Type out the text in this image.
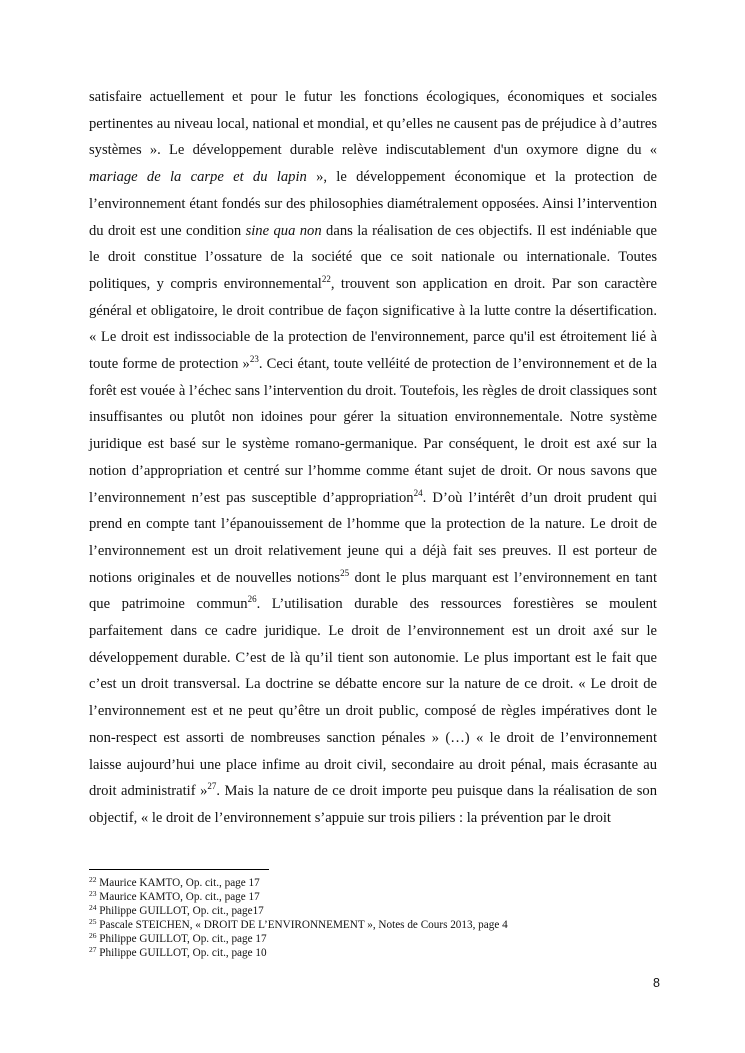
satisfaire actuellement et pour le futur les fonctions écologiques, économiques et sociales pertinentes au niveau local, national et mondial, et qu’elles ne causent pas de préjudice à d’autres systèmes ». Le développement durable relève indiscutablement d'un oxymore digne du « mariage de la carpe et du lapin », le développement économique et la protection de l’environnement étant fondés sur des philosophies diamétralement opposées. Ainsi l’intervention du droit est une condition sine qua non dans la réalisation de ces objectifs. Il est indéniable que le droit constitue l’ossature de la société que ce soit nationale ou internationale. Toutes politiques, y compris environnemental$^{22}$, trouvent son application en droit. Par son caractère général et obligatoire, le droit contribue de façon significative à la lutte contre la désertification. « Le droit est indissociable de la protection de l'environnement, parce qu'il est étroitement lié à toute forme de protection »$^{23}$. Ceci étant, toute velléité de protection de l’environnement et de la forêt est vouée à l’échec sans l’intervention du droit. Toutefois, les règles de droit classiques sont insuffisantes ou plutôt non idoines pour gérer la situation environnementale. Notre système juridique est basé sur le système romano-germanique. Par conséquent, le droit est axé sur la notion d’appropriation et centré sur l’homme comme étant sujet de droit. Or nous savons que l’environnement n’est pas susceptible d’appropriation$^{24}$. D’où l’intérêt d’un droit prudent qui prend en compte tant l’épanouissement de l’homme que la protection de la nature. Le droit de l’environnement est un droit relativement jeune qui a déjà fait ses preuves. Il est porteur de notions originales et de nouvelles notions$^{25}$ dont le plus marquant est l’environnement en tant que patrimoine commun$^{26}$. L’utilisation durable des ressources forestières se moulent parfaitement dans ce cadre juridique. Le droit de l’environnement est un droit axé sur le développement durable. C’est de là qu’il tient son autonomie. Le plus important est le fait que c’est un droit transversal. La doctrine se débatte encore sur la nature de ce droit. « Le droit de l’environnement est et ne peut qu’être un droit public, composé de règles impératives dont le non-respect est assorti de nombreuses sanction pénales » (…) « le droit de l’environnement laisse aujourd’hui une place infime au droit civil, secondaire au droit pénal, mais écrasante au droit administratif »$^{27}$. Mais la nature de ce droit importe peu puisque dans la réalisation de son objectif, « le droit de l’environnement s’appuie sur trois piliers : la prévention par le droit

$^{22}$ Maurice KAMTO, Op. cit., page 17
$^{23}$ Maurice KAMTO, Op. cit., page 17
$^{24}$ Philippe GUILLOT, Op. cit., page17
$^{25}$ Pascale STEICHEN, « DROIT DE L’ENVIRONNEMENT », Notes de Cours 2013, page 4
$^{26}$ Philippe GUILLOT, Op. cit., page 17
$^{27}$ Philippe GUILLOT, Op. cit., page 10
8
